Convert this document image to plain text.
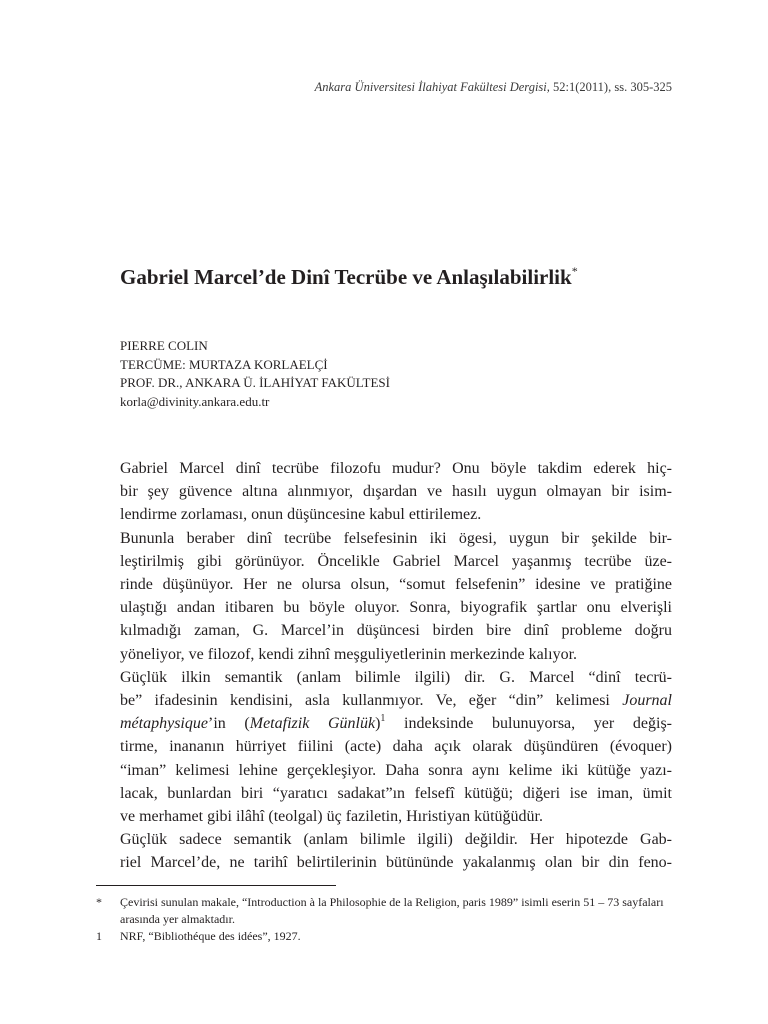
Ankara Üniversitesi İlahiyat Fakültesi Dergisi, 52:1(2011), ss. 305-325
Gabriel Marcel’de Dinî Tecrübe ve Anlaşılabilirlik*
PIERRE COLIN
TERCÜME: MURTAZA KORLAELÇİ
PROF. DR., ANKARA Ü. İLAHİYAT FAKÜLTESİ
korla@divinity.ankara.edu.tr

Gabriel Marcel dinî tecrübe filozofu mudur? Onu böyle takdim ederek hiç-
bir şey güvence altına alınmıyor, dışardan ve hasılı uygun olmayan bir isim-
lendirme zorlaması, onun düşüncesine kabul ettirilemez.

Bununla beraber dinî tecrübe felsefesinin iki ögesi, uygun bir şekilde bir-
leştirilmiş gibi görünüyor. Öncelikle Gabriel Marcel yaşanmış tecrübe üze-
rinde düşünüyor. Her ne olursa olsun, “somut felsefenin” idesine ve pratiğine
ulaştığı andan itibaren bu böyle oluyor. Sonra, biyografik şartlar onu elverişli
kılmadığı zaman, G. Marcel’in düşüncesi birden bire dinî probleme doğru
yöneliyor, ve filozof, kendi zihnî meşguliyetlerinin merkezinde kalıyor.

Güçlük ilkin semantik (anlam bilimle ilgili) dir. G. Marcel “dinî tecrü-
be” ifadesinin kendisini, asla kullanmıyor. Ve, eğer “din” kelimesi Journal
métaphysique’in (Metafizik Günlük)$^1$ indeksinde bulunuyorsa, yer değiş-
tirme, inananın hürriyet fiilini (acte) daha açık olarak düşündüren (évoquer)
“iman” kelimesi lehine gerçekleşiyor. Daha sonra aynı kelime iki kütüğe yazı-
lacak, bunlardan biri “yaratıcı sadakat”ın felsefî kütüğü; diğeri ise iman, ümit
ve merhamet gibi ilâhî (teolgal) üç faziletin, Hıristiyan kütüğüdür.

Güçlük sadece semantik (anlam bilimle ilgili) değildir. Her hipotezde Gab-
riel Marcel’de, ne tarihî belirtilerinin bütününde yakalanmış olan bir din feno-

* Çevirisi sunulan makale, “Introduction à la Philosophie de la Religion, paris 1989” isimli eserin 51 – 73 sayfaları arasında yer almaktadır.
1 NRF, “Bibliothéque des idées”, 1927.
